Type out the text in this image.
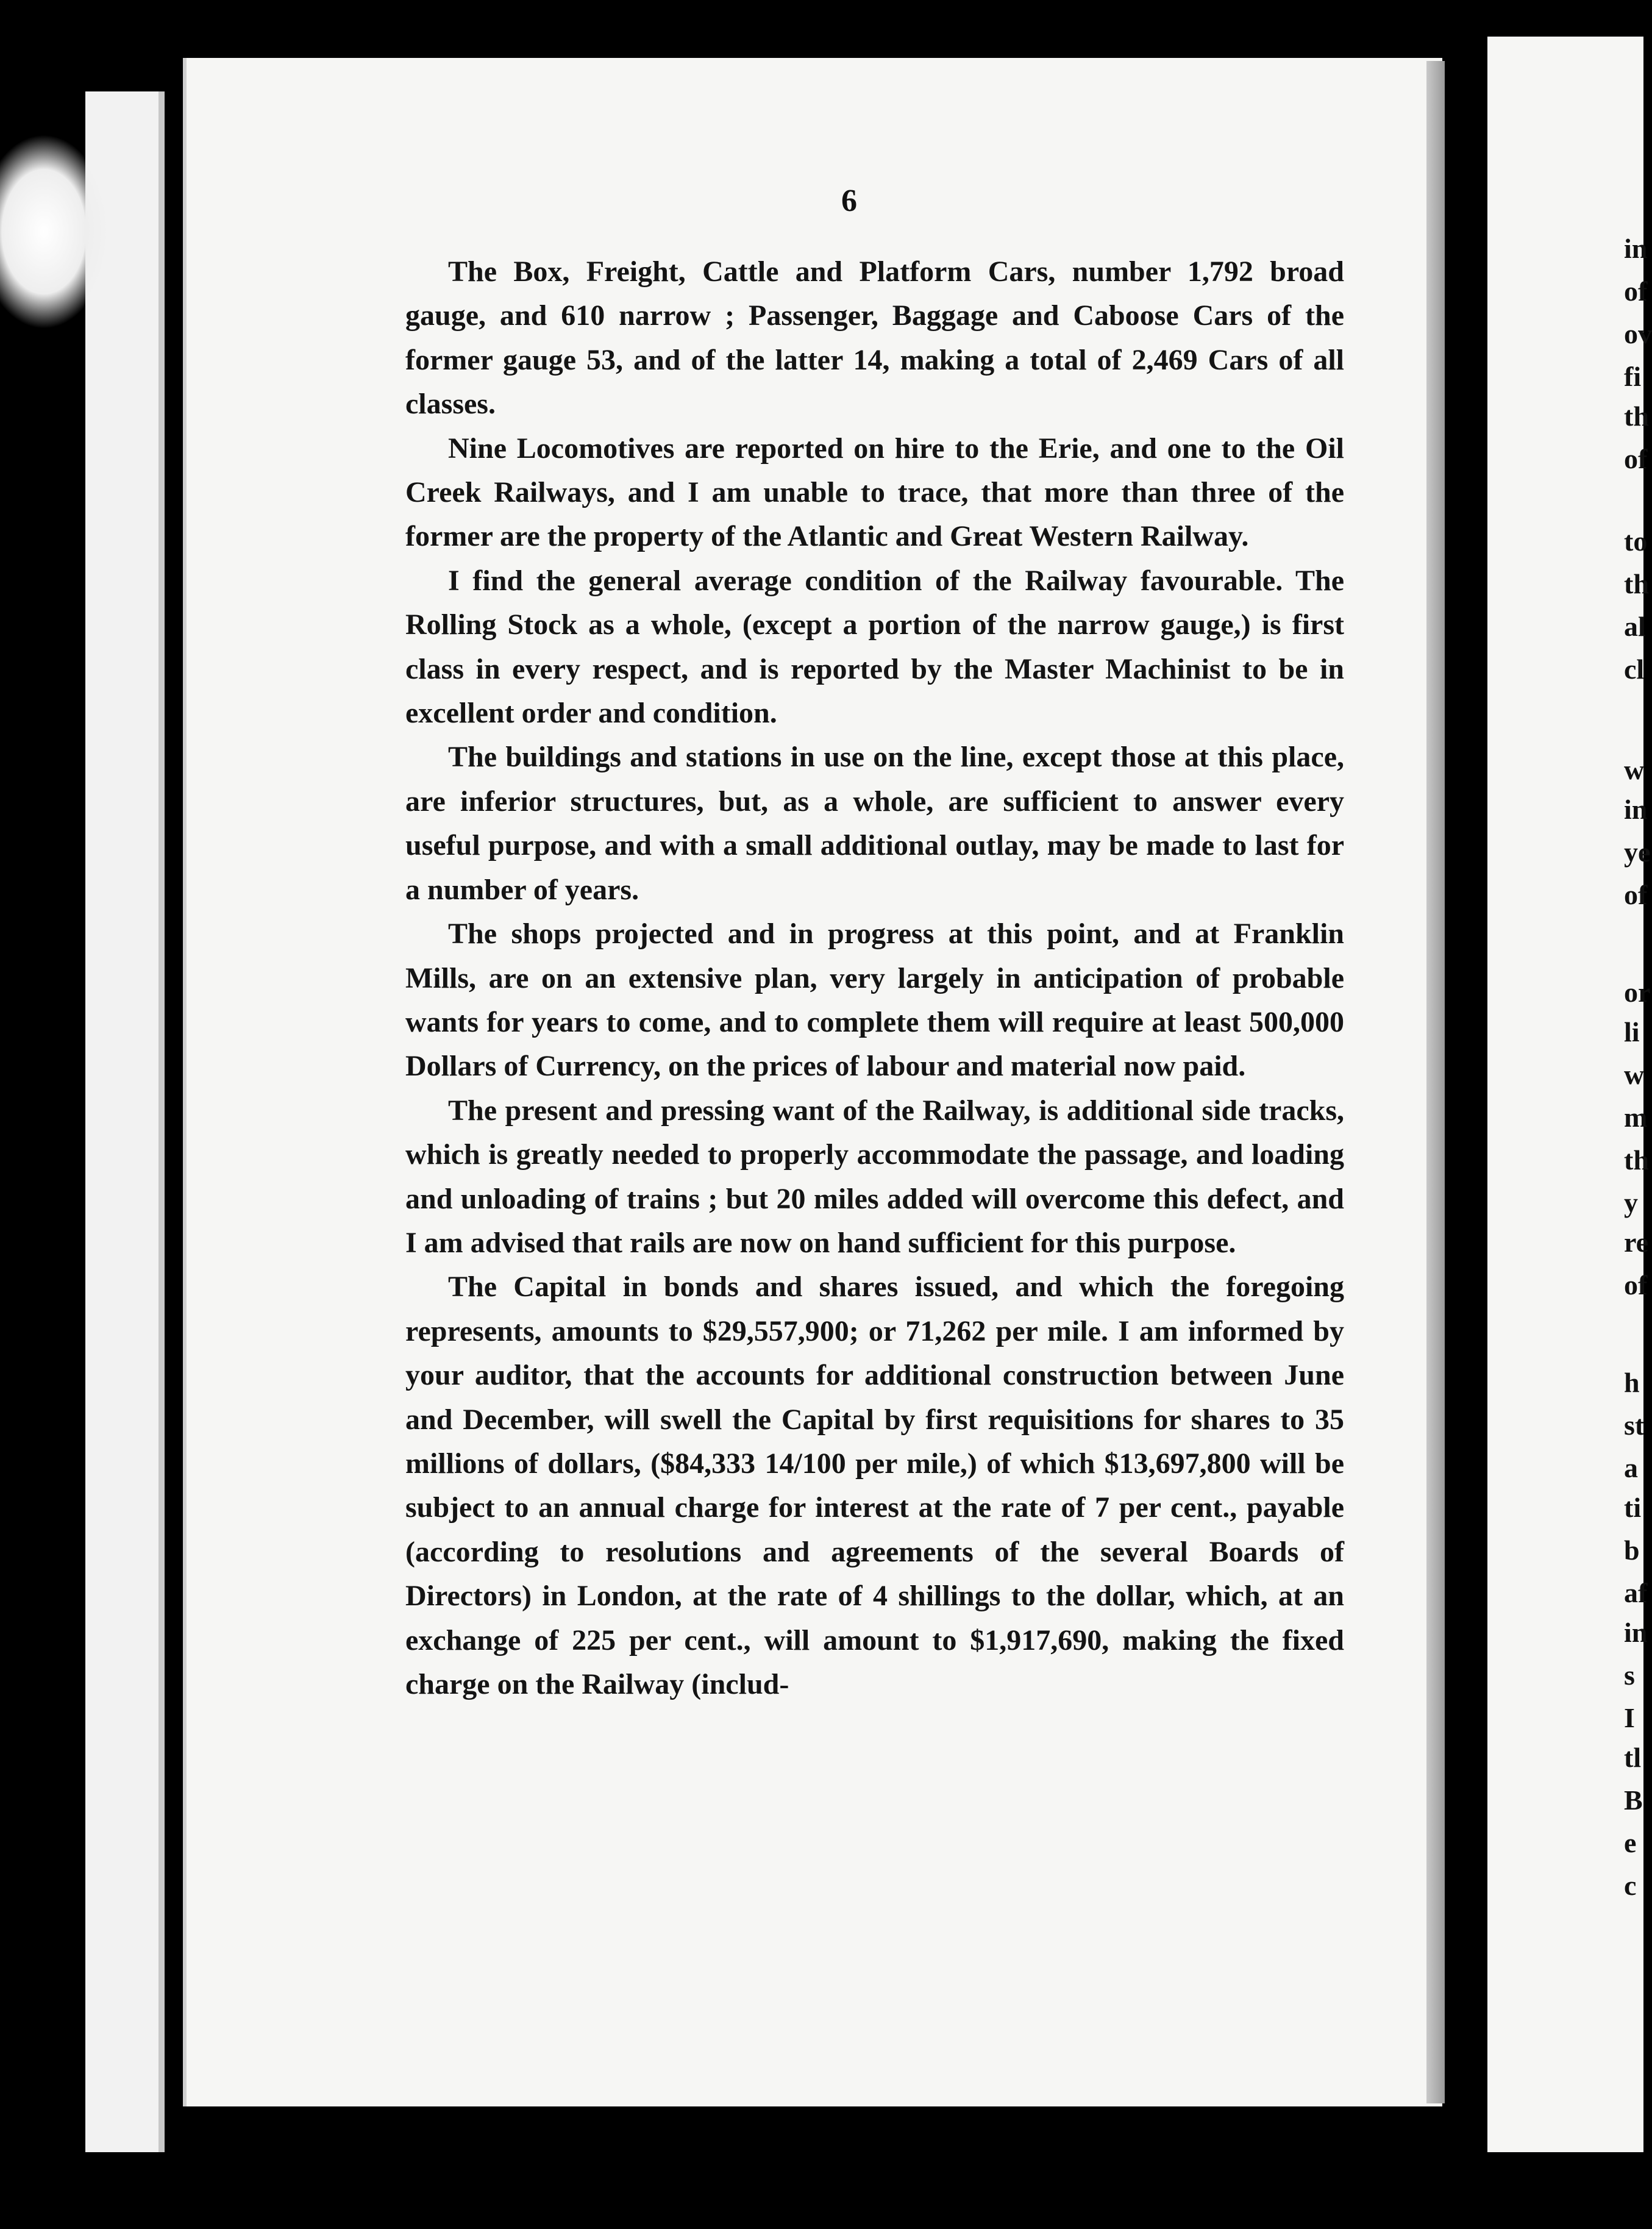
in
of
ov
fi
th
of
to
th
al
cl
w
in
ye
of
or
li
w
m
th
y
re
of
h
st
a
ti
b
af
in
s
I
tl
B
e
c
6

The Box, Freight, Cattle and Platform Cars, number 1,792 broad gauge, and 610 narrow ; Passenger, Baggage and Caboose Cars of the former gauge 53, and of the latter 14, making a total of 2,469 Cars of all classes.

Nine Locomotives are reported on hire to the Erie, and one to the Oil Creek Railways, and I am unable to trace, that more than three of the former are the property of the Atlantic and Great Western Railway.

I find the general average condition of the Railway favourable. The Rolling Stock as a whole, (except a portion of the narrow gauge,) is first class in every respect, and is reported by the Master Machinist to be in excellent order and condition.

The buildings and stations in use on the line, except those at this place, are inferior structures, but, as a whole, are sufficient to answer every useful purpose, and with a small additional outlay, may be made to last for a number of years.

The shops projected and in progress at this point, and at Franklin Mills, are on an extensive plan, very largely in anticipation of probable wants for years to come, and to complete them will require at least 500,000 Dollars of Currency, on the prices of labour and material now paid.

The present and pressing want of the Railway, is additional side tracks, which is greatly needed to properly accommodate the passage, and loading and unloading of trains ; but 20 miles added will overcome this defect, and I am advised that rails are now on hand sufficient for this purpose.

The Capital in bonds and shares issued, and which the foregoing represents, amounts to $29,557,900; or 71,262 per mile. I am informed by your auditor, that the accounts for additional construction between June and December, will swell the Capital by first requisitions for shares to 35 millions of dollars, ($84,333 14/100 per mile,) of which $13,697,800 will be subject to an annual charge for interest at the rate of 7 per cent., payable (according to resolutions and agreements of the several Boards of Directors) in London, at the rate of 4 shillings to the dollar, which, at an exchange of 225 per cent., will amount to $1,917,690, making the fixed charge on the Railway (includ-
